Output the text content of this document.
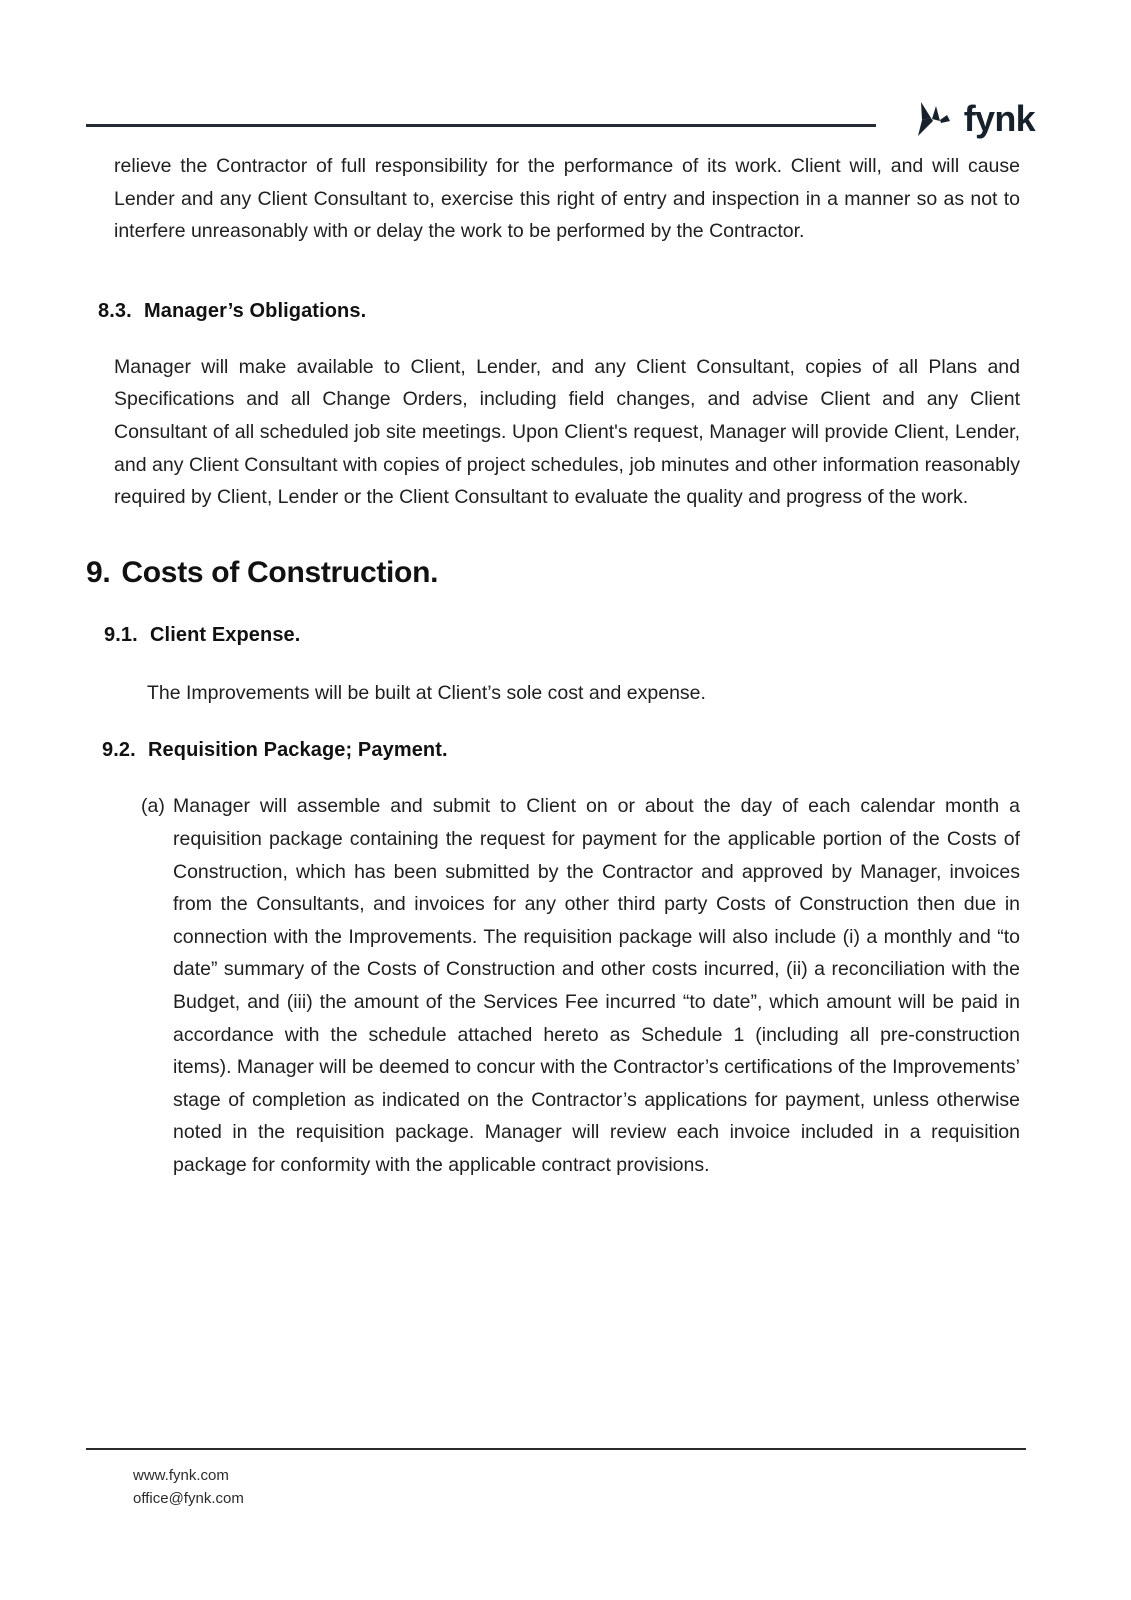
fynk

relieve the Contractor of full responsibility for the performance of its work. Client will, and will cause Lender and any Client Consultant to, exercise this right of entry and inspection in a manner so as not to interfere unreasonably with or delay the work to be performed by the Contractor.

8.3. Manager’s Obligations.

Manager will make available to Client, Lender, and any Client Consultant, copies of all Plans and Specifications and all Change Orders, including field changes, and advise Client and any Client Consultant of all scheduled job site meetings. Upon Client's request, Manager will provide Client, Lender, and any Client Consultant with copies of project schedules, job minutes and other information reasonably required by Client, Lender or the Client Consultant to evaluate the quality and progress of the work.

9. Costs of Construction.
9.1. Client Expense.

The Improvements will be built at Client’s sole cost and expense.

9.2. Requisition Package; Payment.
(a) Manager will assemble and submit to Client on or about the day of each calendar month a requisition package containing the request for payment for the applicable portion of the Costs of Construction, which has been submitted by the Contractor and approved by Manager, invoices from the Consultants, and invoices for any other third party Costs of Construction then due in connection with the Improvements. The requisition package will also include (i) a monthly and “to date” summary of the Costs of Construction and other costs incurred, (ii) a reconciliation with the Budget, and (iii) the amount of the Services Fee incurred “to date”, which amount will be paid in accordance with the schedule attached hereto as Schedule 1 (including all pre-construction items). Manager will be deemed to concur with the Contractor’s certifications of the Improvements’ stage of completion as indicated on the Contractor’s applications for payment, unless otherwise noted in the requisition package. Manager will review each invoice included in a requisition package for conformity with the applicable contract provisions.
www.fynk.com
office@fynk.com
